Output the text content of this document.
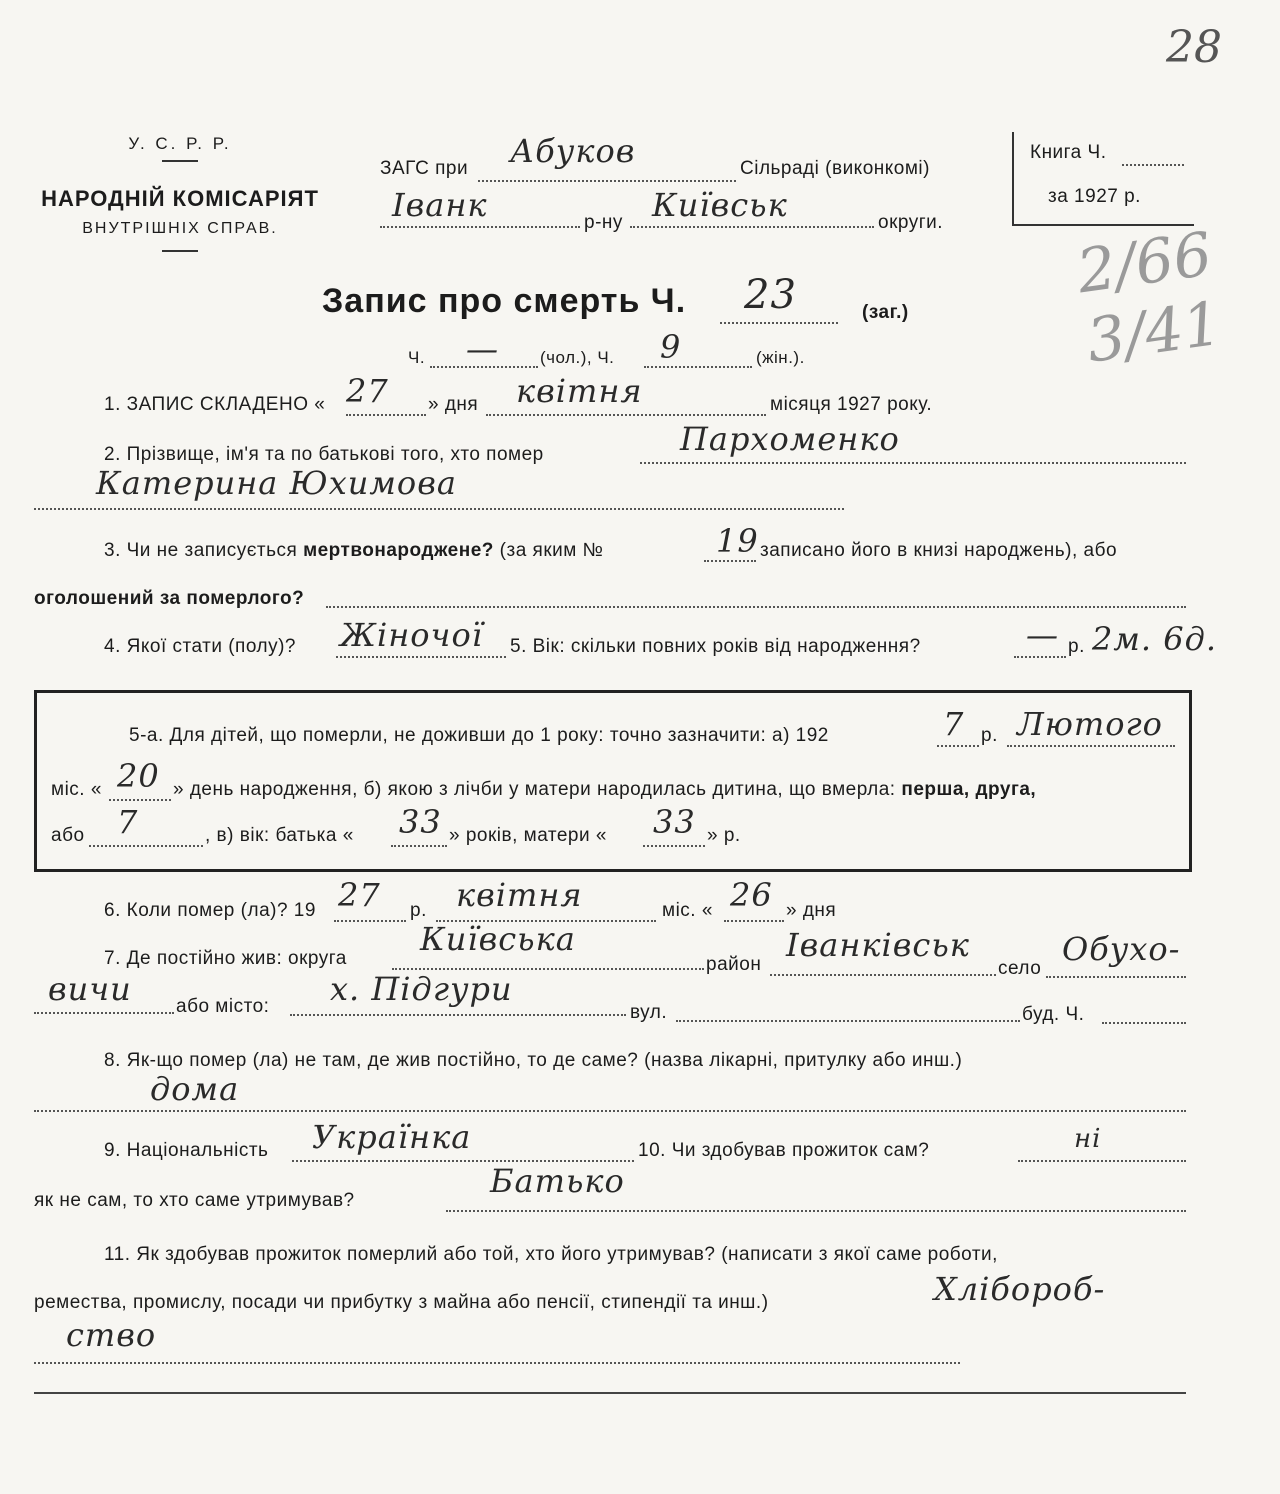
28
2/66
3/41
У. С. Р. Р.
НАРОДНІЙ КОМІСАРІЯТ
ВНУТРІШНІХ СПРАВ.
Книга Ч.
за 1927 р.
ЗАГС при Абуков	Сільраді (виконкомі)
Іванк	р-ну Київськ	округи.
Запис про смерть Ч. 23	(заг.)
Ч. — (чол.), Ч. 9	(жін.).
1. ЗАПИС СКЛАДЕНО « 27 » дня квітня	місяця 1927 року.
2. Прізвище, ім'я та по батькові того, хто помер	Пархоменко
Катерина Юхимова
3. Чи не записується мертвонароджене? (за яким №	19 записано його в книзі народжень), або
оголошений за померлого?
4. Якої стати (полу)? Жіночої 5. Вік: скільки повних років від народження?	— р. 2м. 6д.
5-а. Для дітей, що померли, не доживши до 1 року: точно зазначити: а) 192	7 р. Лютого
міс. « 20 » день народження, б) якою з лічби у матери народилась дитина, що вмерла: перша, друга,
або 7	, в) вік: батька « 33 » років, матери « 33 » р.
6. Коли помер (ла)? 19 27 р. квітня	міс. « 26 » дня
7. Де постійно жив: округа
Київська
район
Іванківськ
село
Обухо-
вичи або місто: х. Підгури
вул.	буд. Ч.
8. Як-що помер (ла) не там, де жив постійно, то де саме? (назва лікарні, притулку або инш.)
дома
9. Національність Українка	10. Чи здобував прожиток сам?	ні
як не сам, то хто саме утримував?
Батько
11. Як здобував прожиток померлий або той, хто його утримував? (написати з якої саме роботи,
ремества, промислу, посади чи прибутку з майна або пенсії, стипендії та инш.)	Хлібороб-
ство
